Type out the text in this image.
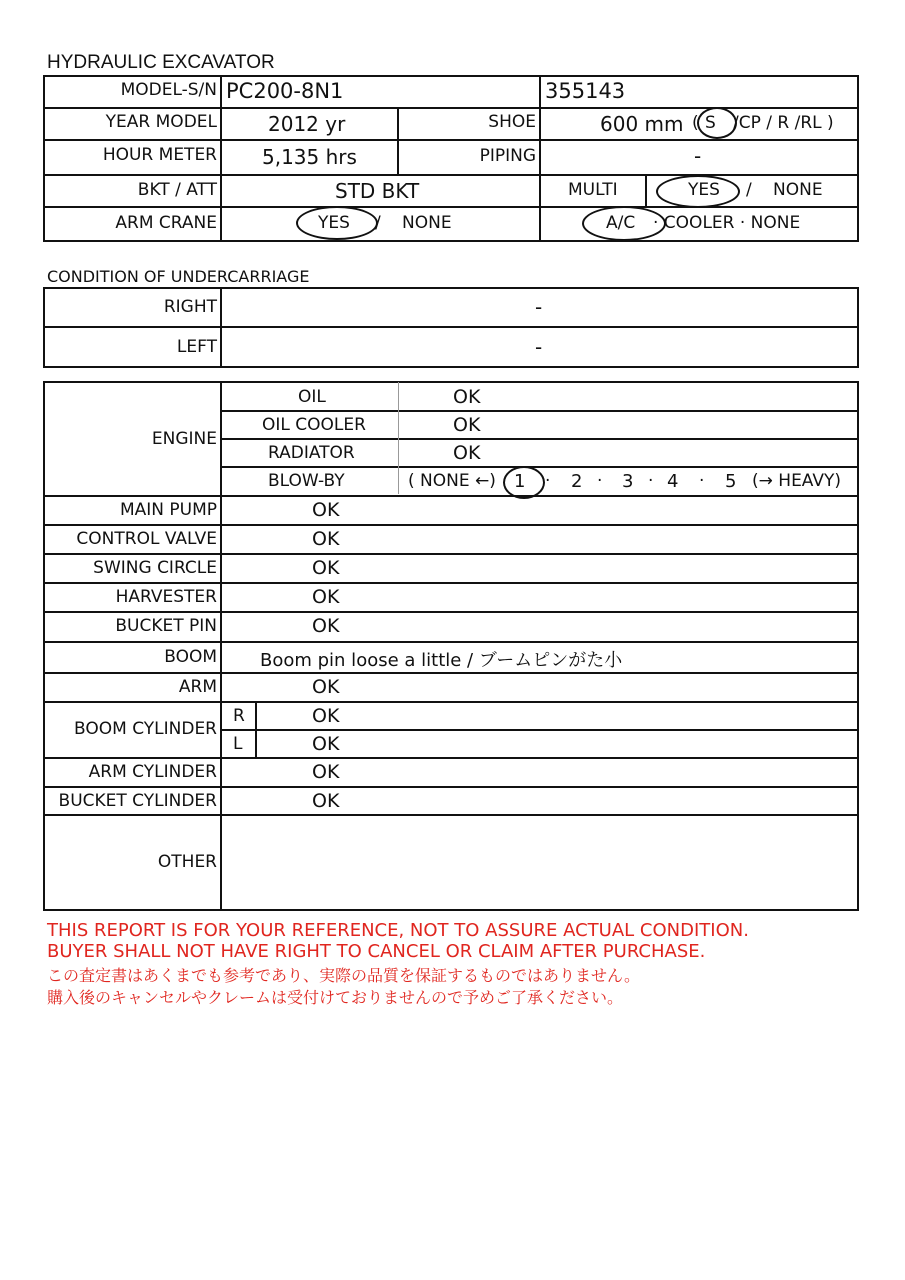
HYDRAULIC EXCAVATOR
MODEL-S/N PC200-8N1	355143
YEAR MODEL	2012 yr	SHOE	600 mm ( S /CP / R /RL )
HOUR METER 5,135 hrs	PIPING	-
BKT / ATT	STD BKT	MULTI	YES / NONE
ARM CRANE	YES / NONE	A/C · COOLER · NONE
CONDITION OF UNDERCARRIAGE
RIGHT	-
LEFT	-
ENGINE
OIL	OK
OIL COOLER	OK
RADIATOR	OK
BLOW-BY	( NONE ←) 1 · 2 · 3 · 4 · 5 (→ HEAVY)
MAIN PUMP	OK
CONTROL VALVE	OK
SWING CIRCLE	OK
HARVESTER	OK
BUCKET PIN	OK
BOOM Boom pin loose a little / ブームピンがた小
ARM	OK
BOOM CYLINDER
R	OK
L	OK
ARM CYLINDER	OK
BUCKET CYLINDER	OK
OTHER
THIS REPORT IS FOR YOUR REFERENCE, NOT TO ASSURE ACTUAL CONDITION.
BUYER SHALL NOT HAVE RIGHT TO CANCEL OR CLAIM AFTER PURCHASE.
この査定書はあくまでも参考であり、実際の品質を保証するものではありません。
購入後のキャンセルやクレームは受付けておりませんので予めご了承ください。
